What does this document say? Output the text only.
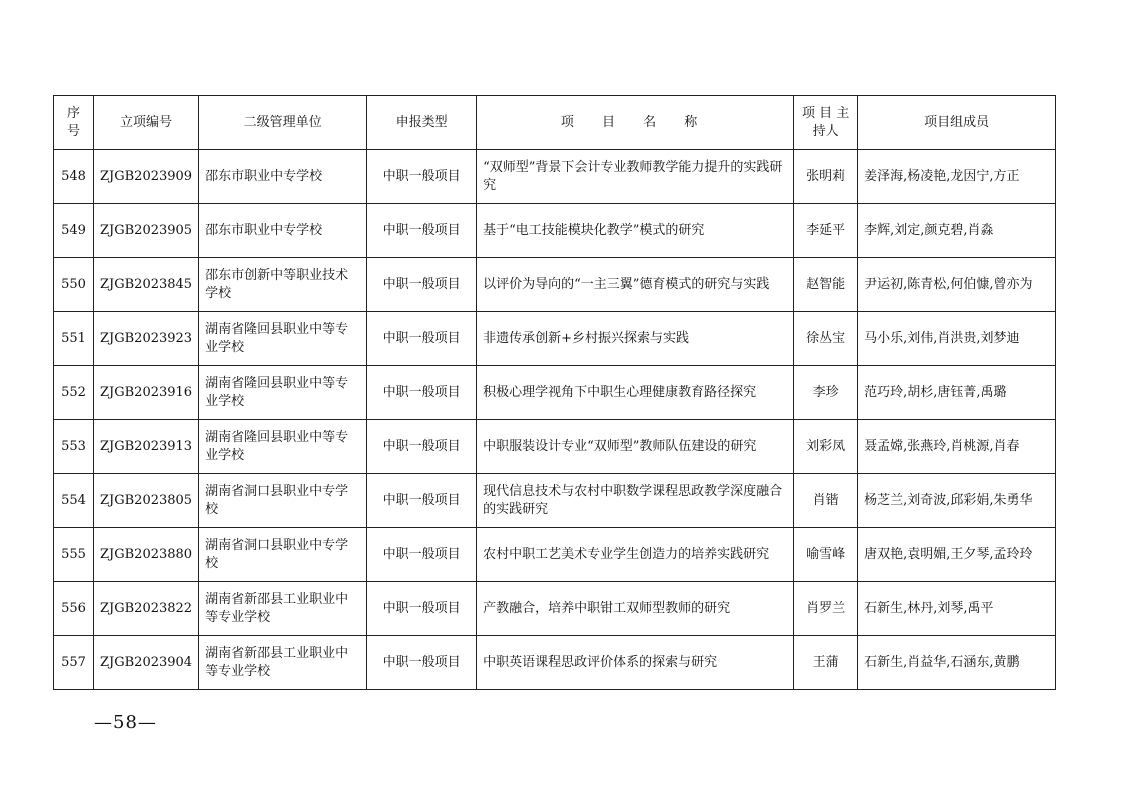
序号	立项编号	二级管理单位	申报类型	项 目 名 称	项 目 主持人	项目组成员
548	ZJGB2023909	邵东市职业中专学校	中职一般项目	“双师型”背景下会计专业教师教学能力提升的实践研究	张明莉	姜泽海,杨凌艳,龙因宁,方正
549	ZJGB2023905	邵东市职业中专学校	中职一般项目	基于“电工技能模块化教学”模式的研究	李延平	李辉,刘定,颜克碧,肖淼
550	ZJGB2023845	邵东市创新中等职业技术学校	中职一般项目	以评价为导向的“一主三翼”德育模式的研究与实践	赵智能	尹运初,陈青松,何伯慷,曾亦为
551	ZJGB2023923	湖南省隆回县职业中等专业学校	中职一般项目	非遗传承创新+乡村振兴探索与实践	徐丛宝	马小乐,刘伟,肖洪贵,刘梦迪
552	ZJGB2023916	湖南省隆回县职业中等专业学校	中职一般项目	积极心理学视角下中职生心理健康教育路径探究	李珍	范巧玲,胡杉,唐钰菁,禹璐
553	ZJGB2023913	湖南省隆回县职业中等专业学校	中职一般项目	中职服装设计专业“双师型”教师队伍建设的研究	刘彩凤	聂孟嫦,张燕玲,肖桃源,肖春
554	ZJGB2023805	湖南省洞口县职业中专学校	中职一般项目	现代信息技术与农村中职数学课程思政教学深度融合的实践研究	肖锴	杨芝兰,刘奇波,邱彩娟,朱勇华
555	ZJGB2023880	湖南省洞口县职业中专学校	中职一般项目	农村中职工艺美术专业学生创造力的培养实践研究	喻雪峰	唐双艳,袁明媚,王夕琴,孟玲玲
556	ZJGB2023822	湖南省新邵县工业职业中等专业学校	中职一般项目	产教融合，培养中职钳工双师型教师的研究	肖罗兰	石新生,林丹,刘琴,禹平
557	ZJGB2023904	湖南省新邵县工业职业中等专业学校	中职一般项目	中职英语课程思政评价体系的探索与研究	王蒲	石新生,肖益华,石涵东,黄鹏
—58—
